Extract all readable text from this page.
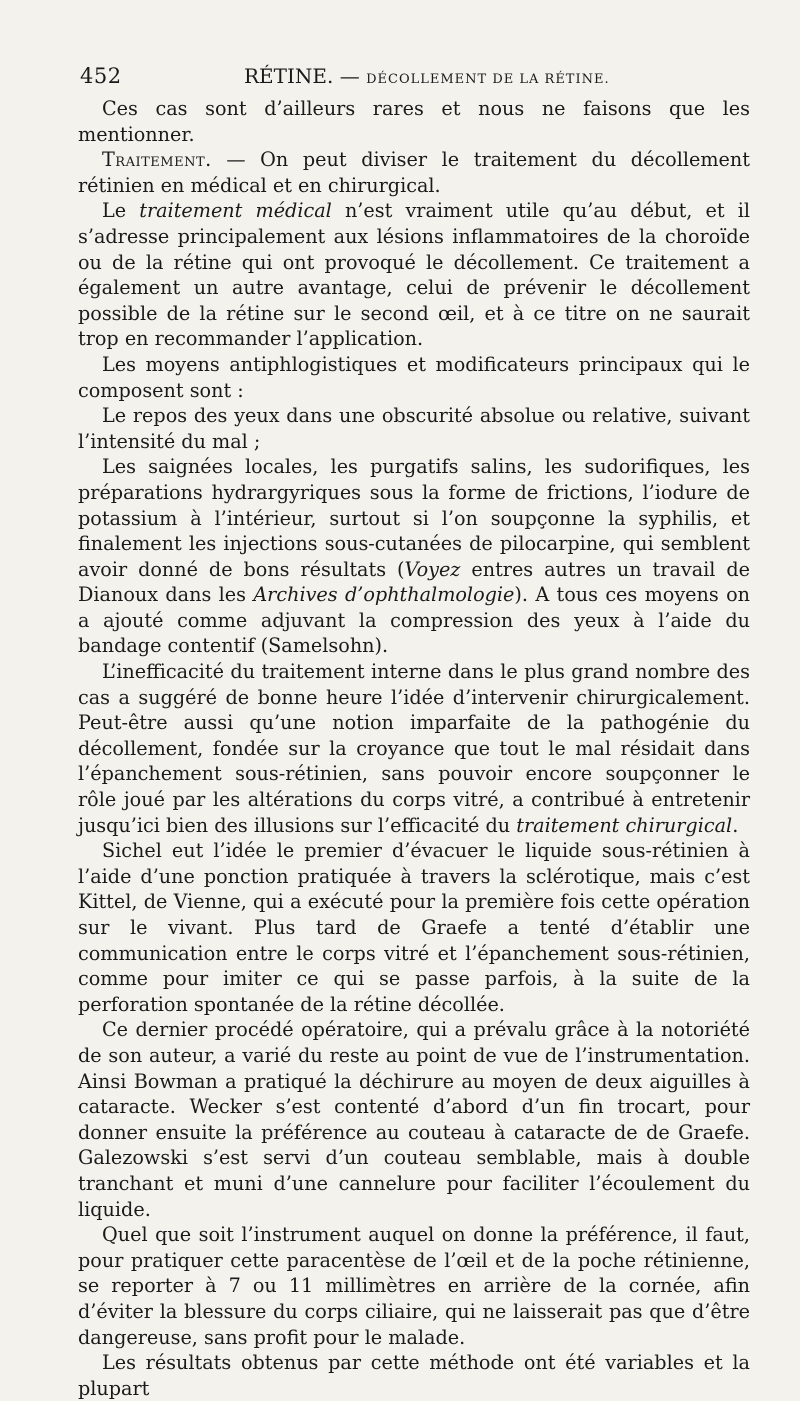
452	RÉTINE. — DÉCOLLEMENT DE LA RÉTINE.

Ces cas sont d’ailleurs rares et nous ne faisons que les mentionner.

Traitement. — On peut diviser le traitement du décollement rétinien en médical et en chirurgical.

Le traitement médical n’est vraiment utile qu’au début, et il s’adresse principalement aux lésions inflammatoires de la choroïde ou de la rétine qui ont provoqué le décollement. Ce traitement a également un autre avantage, celui de prévenir le décollement possible de la rétine sur le second œil, et à ce titre on ne saurait trop en recommander l’application.

Les moyens antiphlogistiques et modificateurs principaux qui le composent sont :

Le repos des yeux dans une obscurité absolue ou relative, suivant l’intensité du mal ;

Les saignées locales, les purgatifs salins, les sudorifiques, les préparations hydrargyriques sous la forme de frictions, l’iodure de potassium à l’intérieur, surtout si l’on soupçonne la syphilis, et finalement les injections sous-cutanées de pilocarpine, qui semblent avoir donné de bons résultats (Voyez entres autres un travail de Dianoux dans les Archives d’ophthalmologie). A tous ces moyens on a ajouté comme adjuvant la compression des yeux à l’aide du bandage contentif (Samelsohn).

L’inefficacité du traitement interne dans le plus grand nombre des cas a suggéré de bonne heure l’idée d’intervenir chirurgicalement. Peut-être aussi qu’une notion imparfaite de la pathogénie du décollement, fondée sur la croyance que tout le mal résidait dans l’épanchement sous-rétinien, sans pouvoir encore soupçonner le rôle joué par les altérations du corps vitré, a contribué à entretenir jusqu’ici bien des illusions sur l’efficacité du traitement chirurgical.

Sichel eut l’idée le premier d’évacuer le liquide sous-rétinien à l’aide d’une ponction pratiquée à travers la sclérotique, mais c’est Kittel, de Vienne, qui a exécuté pour la première fois cette opération sur le vivant. Plus tard de Graefe a tenté d’établir une communication entre le corps vitré et l’épanchement sous-rétinien, comme pour imiter ce qui se passe parfois, à la suite de la perforation spontanée de la rétine décollée.

Ce dernier procédé opératoire, qui a prévalu grâce à la notoriété de son auteur, a varié du reste au point de vue de l’instrumentation. Ainsi Bowman a pratiqué la déchirure au moyen de deux aiguilles à cataracte. Wecker s’est contenté d’abord d’un fin trocart, pour donner ensuite la préférence au couteau à cataracte de de Graefe. Galezowski s’est servi d’un couteau semblable, mais à double tranchant et muni d’une cannelure pour faciliter l’écoulement du liquide.

Quel que soit l’instrument auquel on donne la préférence, il faut, pour pratiquer cette paracentèse de l’œil et de la poche rétinienne, se reporter à 7 ou 11 millimètres en arrière de la cornée, afin d’éviter la blessure du corps ciliaire, qui ne laisserait pas que d’être dangereuse, sans profit pour le malade.

Les résultats obtenus par cette méthode ont été variables et la plupart
